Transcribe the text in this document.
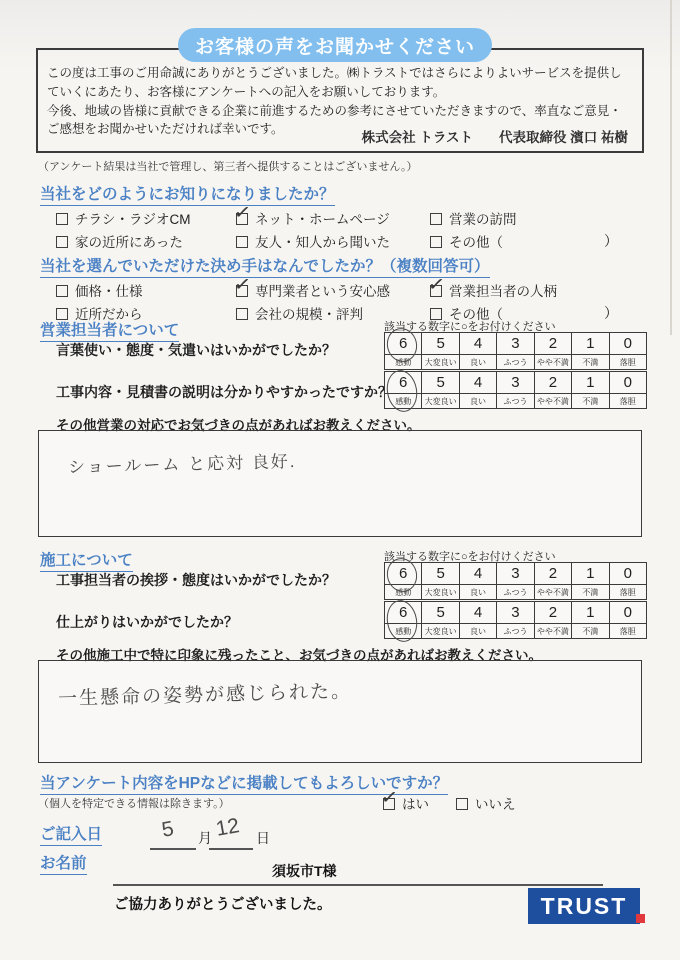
お客様の声をお聞かせください

この度は工事のご用命誠にありがとうございました。㈱トラストではさらによりよいサービスを提供していくにあたり、お客様にアンケートへの記入をお願いしております。

今後、地域の皆様に貢献できる企業に前進するための参考にさせていただきますので、率直なご意見・ご感想をお聞かせいただければ幸いです。

株式会社 トラスト 代表取締役 濱口 祐樹
（アンケート結果は当社で管理し、第三者へ提供することはございません。）
当社をどのようにお知りになりましたか？
チラシ・ラジオCM ✓ ネット・ホームページ	営業の訪問
家の近所にあった	友人・知人から聞いた	その他（	）
当社を選んでいただけた決め手はなんでしたか？（複数回答可）
価格・仕様	✓ 専門業者という安心感 ✓ 営業担当者の人柄
近所だから	会社の規模・評判	その他（	）
営業担当者について	該当する数字に○をお付けください
言葉使い・態度・気遣いはいかがでしたか？	6	5	4	3	2	1	0
感動	大変良い	良い	ふつう	やや不満	不満	落胆
工事内容・見積書の説明は分かりやすかったですか？
6	5	4	3	2	1	0
感動	大変良い	良い	ふつう	やや不満	不満	落胆
その他営業の対応でお気づきの点があればお教えください。
ショールーム と応対 良好.
施工について	該当する数字に○をお付けください
工事担当者の挨拶・態度はいかがでしたか？	6	5	4	3	2	1	0
感動	大変良い	良い	ふつう	やや不満	不満	落胆
仕上がりはいかがでしたか？
6	5	4	3	2	1	0
感動	大変良い	良い	ふつう	やや不満	不満	落胆
その他施工中で特に印象に残ったこと、お気づきの点があればお教えください。
一生懸命の姿勢が感じられた。
当アンケート内容をHPなどに掲載してもよろしいですか？
（個人を特定できる情報は除きます。）	✓ はい	いいえ
ご記入日	5 月 12 日
お名前	須坂市T様
ご協力ありがとうございました。	TRUST
